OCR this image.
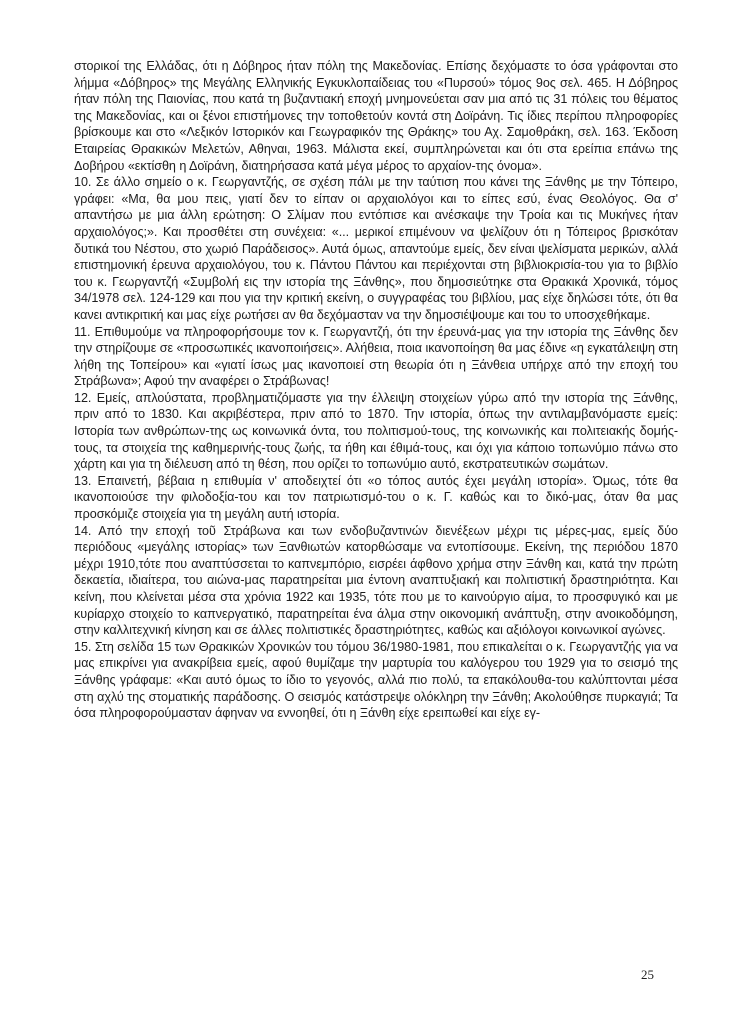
στορικοί της Ελλάδας, ότι η Δόβηρος ήταν πόλη της Μακεδονίας. Επίσης δεχόμαστε το όσα γράφονται στο λήμμα «Δόβηρος» της Μεγάλης Ελληνικής Εγκυκλοπαίδειας του «Πυρσού» τόμος 9ος σελ. 465. Η Δόβηρος ήταν πόλη της Παιονίας, που κατά τη βυζαντιακή εποχή μνημονεύεται σαν μια από τις 31 πόλεις του θέματος της Μακεδονίας, και οι ξένοι επιστήμονες την τοποθετούν κοντά στη Δοϊράνη. Τις ίδιες περίπου πληροφορίες βρίσκουμε και στο «Λεξικόν Ιστορικόν και Γεωγραφικόν της Θράκης» του Αχ. Σαμοθράκη, σελ. 163. Έκδοση Εταιρείας Θρακικών Μελετών, Αθηναι, 1963. Μάλιστα εκεί, συμπληρώνεται και ότι στα ερείπια επάνω της Δοβήρου «εκτίσθη η Δοϊράνη, διατηρήσασα κατά μέγα μέρος το αρχαίον-της όνομα».

10. Σε άλλο σημείο ο κ. Γεωργαντζής, σε σχέση πάλι με την ταύτιση που κάνει της Ξάνθης με την Τόπειρο, γράφει: «Μα, θα μου πεις, γιατί δεν το είπαν οι αρχαιολόγοι και το είπες εσύ, ένας Θεολόγος. Θα σ' απαντήσω με μια άλλη ερώτηση: Ο Σλίμαν που εντόπισε και ανέσκαψε την Τροία και τις Μυκήνες ήταν αρχαιολόγος;». Και προσθέτει στη συνέχεια: «... μερικοί επιμένουν να ψελίζουν ότι η Τόπειρος βρισκόταν δυτικά του Νέστου, στο χωριό Παράδεισος». Αυτά όμως, απαντούμε εμείς, δεν είναι ψελίσματα μερικών, αλλά επιστημονική έρευνα αρχαιολόγου, του κ. Πάντου Πάντου και περιέχονται στη βιβλιοκρισία-του για το βιβλίο του κ. Γεωργαντζή «Συμβολή εις την ιστορία της Ξάνθης», που δημοσιεύτηκε στα Θρακικά Χρονικά, τόμος 34/1978 σελ. 124-129 και που για την κριτική εκείνη, ο συγγραφέας του βιβλίου, μας είχε δηλώσει τότε, ότι θα κανει αντικριτική και μας είχε ρωτήσει αν θα δεχόμασταν να την δημοσιέψουμε και του το υποσχεθήκαμε.

11. Επιθυμούμε να πληροφορήσουμε τον κ. Γεωργαντζή, ότι την έρευνά-μας για την ιστορία της Ξάνθης δεν την στηρίζουμε σε «προσωπικές ικανοποιήσεις». Αλήθεια, ποια ικανοποίηση θα μας έδινε «η εγκατάλειψη στη λήθη της Τοπείρου» και «γιατί ίσως μας ικανοποιεί στη θεωρία ότι η Ξάνθεια υπήρχε από την εποχή του Στράβωνα»; Αφού την αναφέρει ο Στράβωνας!

12. Εμείς, απλούστατα, προβληματιζόμαστε για την έλλειψη στοιχείων γύρω από την ιστορία της Ξάνθης, πριν από το 1830. Και ακριβέστερα, πριν από το 1870. Την ιστορία, όπως την αντιλαμβανόμαστε εμείς: Ιστορία των ανθρώπων-της ως κοινωνικά όντα, του πολιτισμού-τους, της κοινωνικής και πολιτειακής δομής-τους, τα στοιχεία της καθημερινής-τους ζωής, τα ήθη και έθιμά-τους, και όχι για κάποιο τοπωνύμιο πάνω στο χάρτη και για τη διέλευση από τη θέση, που ορίζει το τοπωνύμιο αυτό, εκστρατευτικών σωμάτων.

13. Επαινετή, βέβαια η επιθυμία ν' αποδειχτεί ότι «ο τόπος αυτός έχει μεγάλη ιστορία». Όμως, τότε θα ικανοποιούσε την φιλοδοξία-του και τον πατριωτισμό-του ο κ. Γ. καθώς και το δικό-μας, όταν θα μας προσκόμιζε στοιχεία για τη μεγάλη αυτή ιστορία.

14. Από την εποχή τοῦ Στράβωνα και των ενδοβυζαντινών διενέξεων μέχρι τις μέρες-μας, εμείς δύο περιόδους «μεγάλης ιστορίας» των Ξανθιωτών κατορθώσαμε να εντοπίσουμε. Εκείνη, της περιόδου 1870 μέχρι 1910,τότε που αναπτύσσεται το καπνεμπόριο, εισρέει άφθονο χρήμα στην Ξάνθη και, κατά την πρώτη δεκαετία, ιδιαίτερα, του αιώνα-μας παρατηρείται μια έντονη αναπτυξιακή και πολιτιστική δραστηριότητα. Και κείνη, που κλείνεται μέσα στα χρόνια 1922 και 1935, τότε που με το καινούργιο αίμα, το προσφυγικό και με κυρίαρχο στοιχείο το καπνεργατικό, παρατηρείται ένα άλμα στην οικονομική ανάπτυξη, στην ανοικοδόμηση, στην καλλιτεχνική κίνηση και σε άλλες πολιτιστικές δραστηριότητες, καθώς και αξιόλογοι κοινωνικοί αγώνες.

15. Στη σελίδα 15 των Θρακικών Χρονικών του τόμου 36/1980-1981, που επικαλείται ο κ. Γεωργαντζής για να μας επικρίνει για ανακρίβεια εμείς, αφού θυμίζαμε την μαρτυρία του καλόγερου του 1929 για το σεισμό της Ξάνθης γράφαμε: «Και αυτό όμως το ίδιο το γεγονός, αλλά πιο πολύ, τα επακόλουθα-του καλύπτονται μέσα στη αχλύ της στοματικής παράδοσης. Ο σεισμός κατάστρεψε ολόκληρη την Ξάνθη; Ακολούθησε πυρκαγιά; Τα όσα πληροφορούμασταν άφηναν να εννοηθεί, ότι η Ξάνθη είχε ερειπωθεί και είχε εγ-

25
